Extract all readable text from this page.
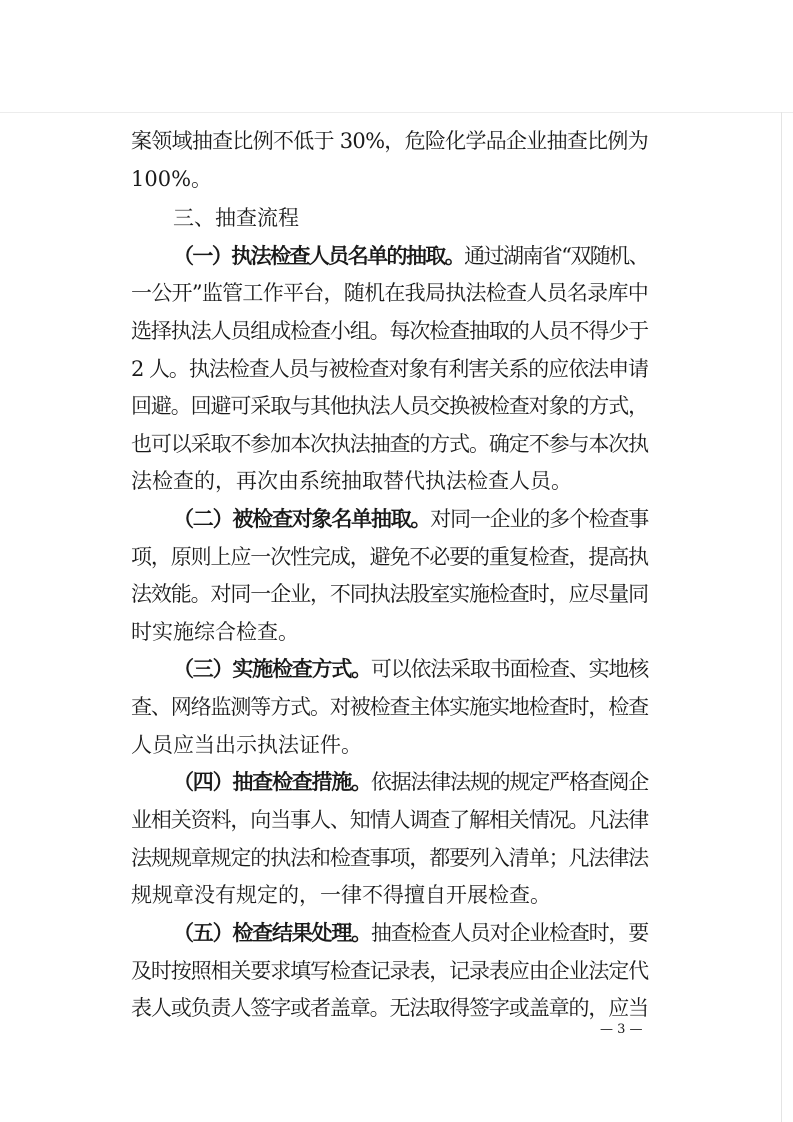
案领域抽查比例不低于 30%，危险化学品企业抽查比例为
100%。
三、抽查流程
（一）执法检查人员名单的抽取。通过湖南省“双随机、
一公开”监管工作平台，随机在我局执法检查人员名录库中
选择执法人员组成检查小组。每次检查抽取的人员不得少于
2 人。执法检查人员与被检查对象有利害关系的应依法申请
回避。回避可采取与其他执法人员交换被检查对象的方式，
也可以采取不参加本次执法抽查的方式。确定不参与本次执
法检查的，再次由系统抽取替代执法检查人员。
（二）被检查对象名单抽取。对同一企业的多个检查事
项，原则上应一次性完成，避免不必要的重复检查，提高执
法效能。对同一企业，不同执法股室实施检查时，应尽量同
时实施综合检查。
（三）实施检查方式。可以依法采取书面检查、实地核
查、网络监测等方式。对被检查主体实施实地检查时，检查
人员应当出示执法证件。
（四）抽查检查措施。依据法律法规的规定严格查阅企
业相关资料，向当事人、知情人调查了解相关情况。凡法律
法规规章规定的执法和检查事项，都要列入清单；凡法律法
规规章没有规定的，一律不得擅自开展检查。
（五）检查结果处理。抽查检查人员对企业检查时，要
及时按照相关要求填写检查记录表，记录表应由企业法定代
表人或负责人签字或者盖章。无法取得签字或盖章的，应当
— 3 —
